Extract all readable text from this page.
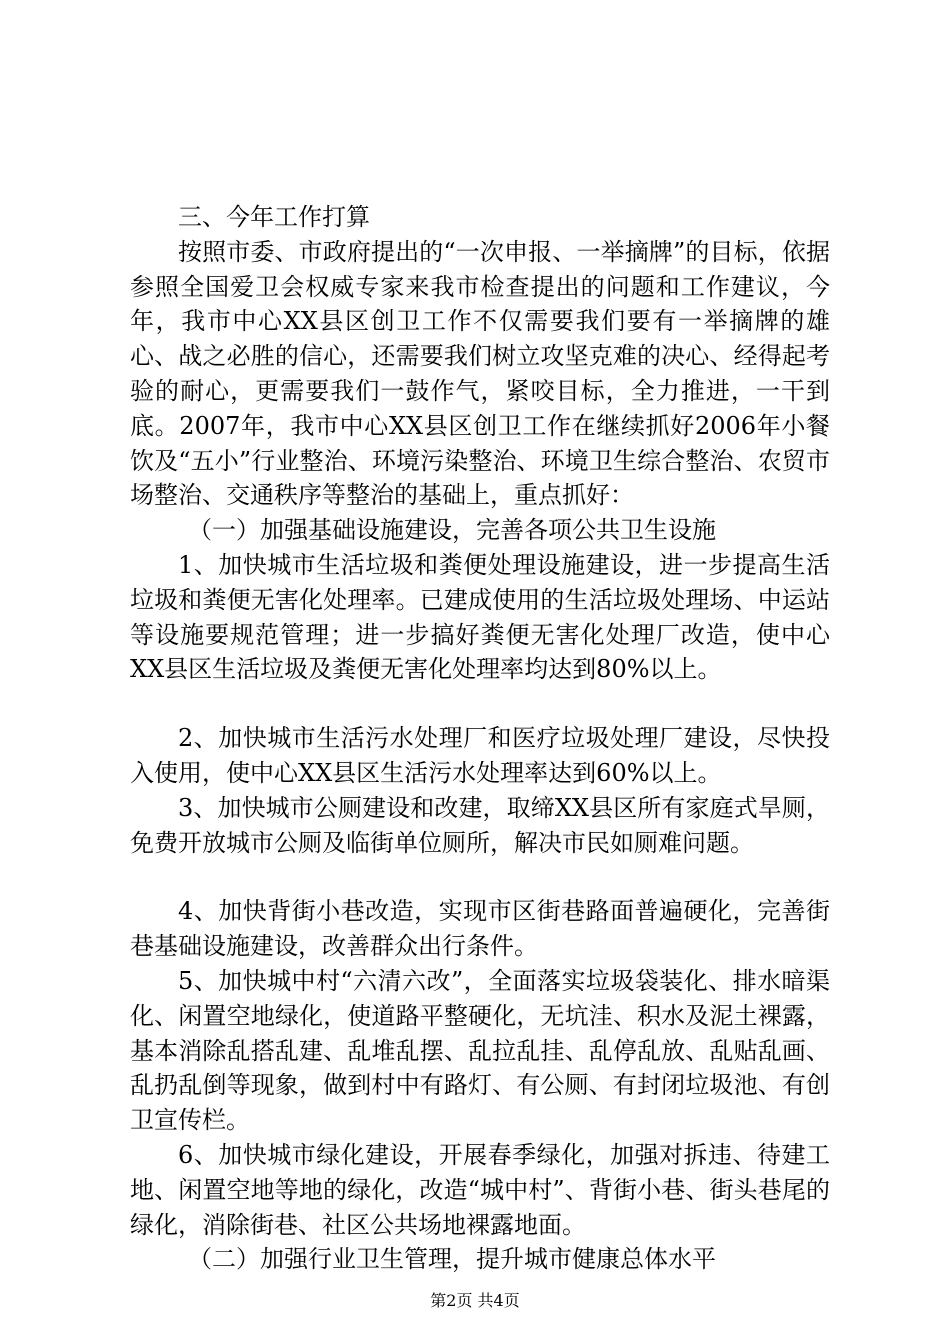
三、今年工作打算

按照市委、市政府提出的“一次申报、一举摘牌”的目标，依据参照全国爱卫会权威专家来我市检查提出的问题和工作建议，今年，我市中心XX县区创卫工作不仅需要我们要有一举摘牌的雄心、战之必胜的信心，还需要我们树立攻坚克难的决心、经得起考验的耐心，更需要我们一鼓作气，紧咬目标，全力推进，一干到底。2007年，我市中心XX县区创卫工作在继续抓好2006年小餐饮及“五小”行业整治、环境污染整治、环境卫生综合整治、农贸市场整治、交通秩序等整治的基础上，重点抓好：

（一）加强基础设施建设，完善各项公共卫生设施

1、加快城市生活垃圾和粪便处理设施建设，进一步提高生活垃圾和粪便无害化处理率。已建成使用的生活垃圾处理场、中运站等设施要规范管理；进一步搞好粪便无害化处理厂改造，使中心XX县区生活垃圾及粪便无害化处理率均达到80%以上。

2、加快城市生活污水处理厂和医疗垃圾处理厂建设，尽快投入使用，使中心XX县区生活污水处理率达到60%以上。

3、加快城市公厕建设和改建，取缔XX县区所有家庭式旱厕，免费开放城市公厕及临街单位厕所，解决市民如厕难问题。

4、加快背街小巷改造，实现市区街巷路面普遍硬化，完善街巷基础设施建设，改善群众出行条件。

5、加快城中村“六清六改”，全面落实垃圾袋装化、排水暗渠化、闲置空地绿化，使道路平整硬化，无坑洼、积水及泥土裸露，基本消除乱搭乱建、乱堆乱摆、乱拉乱挂、乱停乱放、乱贴乱画、乱扔乱倒等现象，做到村中有路灯、有公厕、有封闭垃圾池、有创卫宣传栏。

6、加快城市绿化建设，开展春季绿化，加强对拆违、待建工地、闲置空地等地的绿化，改造“城中村”、背街小巷、街头巷尾的绿化，消除街巷、社区公共场地裸露地面。

（二）加强行业卫生管理，提升城市健康总体水平

第2页 共4页
